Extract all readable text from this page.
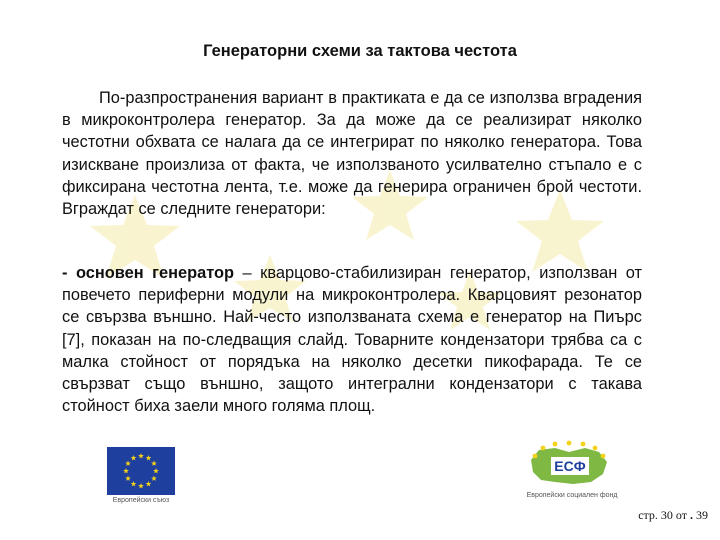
Генераторни схеми за тактова честота

По-разпространения вариант в практиката е да се използва вградения в микроконтролера генератор. За да може да се реализират няколко честотни обхвата се налага да се интегрират по няколко генератора. Това изискване произлиза от факта, че използваното усилвателно стъпало е с фиксирана честотна лента, т.е. може да генерира ограничен брой честоти. Вграждат се следните генератори:

- основен генератор – кварцово-стабилизиран генератор, използван от повечето периферни модули на микроконтролера. Кварцовият резонатор се свързва външно. Най-често използваната схема е генератор на Пиърс [7], показан на по-следващия слайд. Товарните кондензатори трябва са с малка стойност от порядъка на няколко десетки пикофарада. Те се свързват също външно, защото интегрални кондензатори с такава стойност биха заели много голяма площ.

Европейски съюз
ЕСФ
Европейски социален фонд
стр. 30 от . 39
